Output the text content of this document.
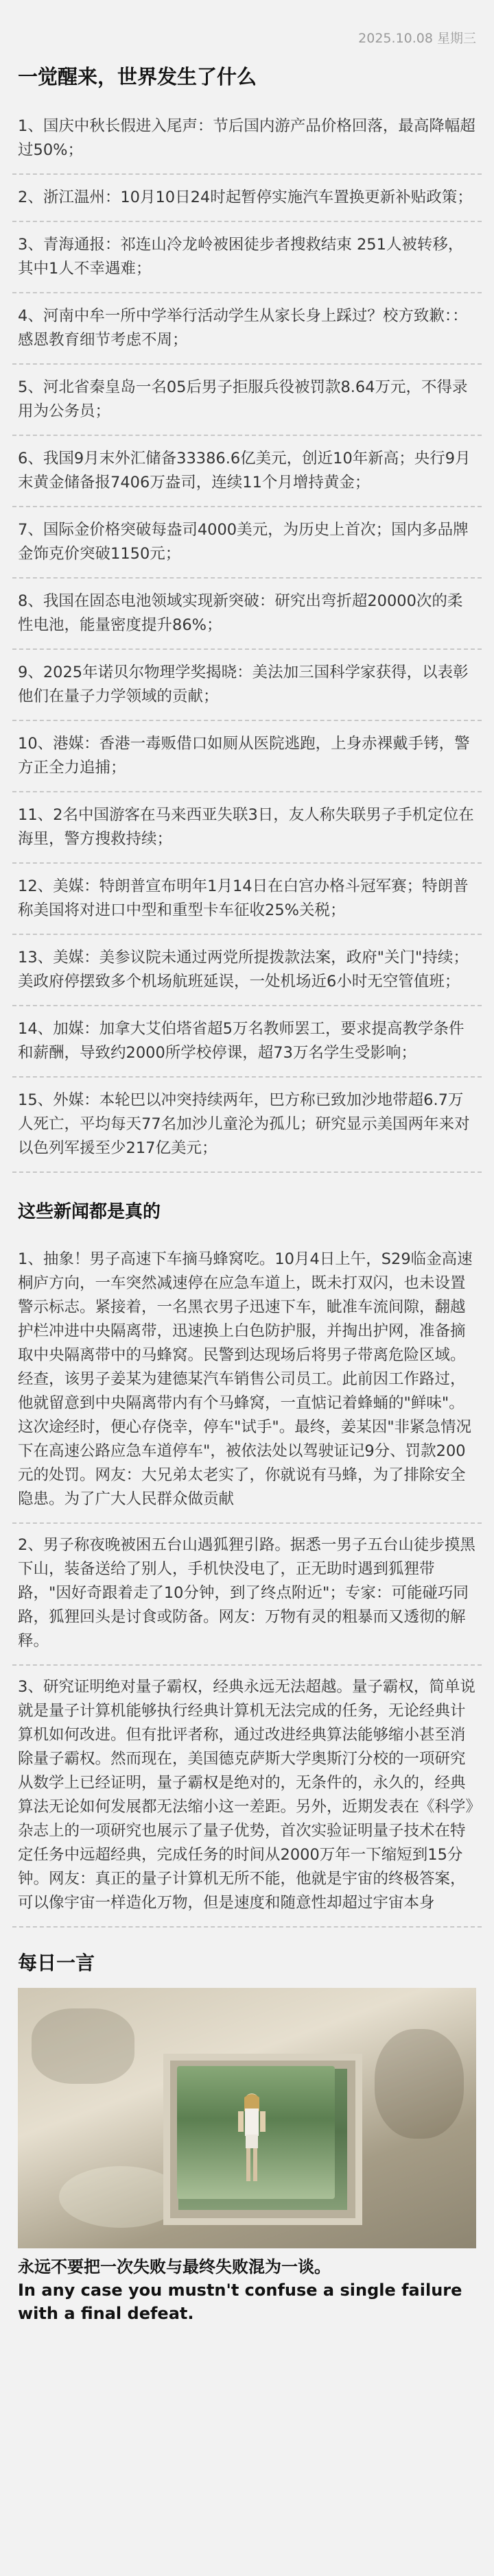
2025.10.08 星期三
一觉醒来，世界发生了什么
1、国庆中秋长假进入尾声：节后国内游产品价格回落，最高降幅超过50%；
2、浙江温州：10月10日24时起暂停实施汽车置换更新补贴政策；
3、青海通报：祁连山冷龙岭被困徒步者搜救结束 251人被转移，其中1人不幸遇难；
4、河南中牟一所中学举行活动学生从家长身上踩过？校方致歉：：感恩教育细节考虑不周；
5、河北省秦皇岛一名05后男子拒服兵役被罚款8.64万元，不得录用为公务员；
6、我国9月末外汇储备33386.6亿美元，创近10年新高；央行9月末黄金储备报7406万盎司，连续11个月增持黄金；
7、国际金价格突破每盎司4000美元，为历史上首次；国内多品牌金饰克价突破1150元；
8、我国在固态电池领域实现新突破：研究出弯折超20000次的柔性电池，能量密度提升86%；
9、2025年诺贝尔物理学奖揭晓：美法加三国科学家获得，以表彰他们在量子力学领域的贡献；
10、港媒：香港一毒贩借口如厕从医院逃跑，上身赤裸戴手铐，警方正全力追捕；
11、2名中国游客在马来西亚失联3日，友人称失联男子手机定位在海里，警方搜救持续；
12、美媒：特朗普宣布明年1月14日在白宫办格斗冠军赛；特朗普称美国将对进口中型和重型卡车征收25%关税；
13、美媒：美参议院未通过两党所提拨款法案，政府"关门"持续；美政府停摆致多个机场航班延误，一处机场近6小时无空管值班；
14、加媒：加拿大艾伯塔省超5万名教师罢工，要求提高教学条件和薪酬，导致约2000所学校停课，超73万名学生受影响；
15、外媒：本轮巴以冲突持续两年，巴方称已致加沙地带超6.7万人死亡，平均每天77名加沙儿童沦为孤儿；研究显示美国两年来对以色列军援至少217亿美元；
这些新闻都是真的
1、抽象！男子高速下车摘马蜂窝吃。10月4日上午，S29临金高速桐庐方向，一车突然减速停在应急车道上，既未打双闪，也未设置警示标志。紧接着，一名黑衣男子迅速下车，眦准车流间隙，翻越护栏冲进中央隔离带，迅速换上白色防护服，并掏出护网，准备摘取中央隔离带中的马蜂窝。民警到达现场后将男子带离危险区域。经查，该男子姜某为建德某汽车销售公司员工。此前因工作路过，他就留意到中央隔离带内有个马蜂窝，一直惦记着蜂蛹的"鲜味"。这次途经时，便心存侥幸，停车"试手"。最终，姜某因"非紧急情况下在高速公路应急车道停车"，被依法处以驾驶证记9分、罚款200元的处罚。网友：大兄弟太老实了，你就说有马蜂，为了排除安全隐患。为了广大人民群众做贡献
2、男子称夜晚被困五台山遇狐狸引路。据悉一男子五台山徒步摸黑下山，装备送给了别人，手机快没电了，正无助时遇到狐狸带路，"因好奇跟着走了10分钟，到了终点附近"；专家：可能碰巧同路，狐狸回头是讨食或防备。网友：万物有灵的粗暴而又透彻的解释。
3、研究证明绝对量子霸权，经典永远无法超越。量子霸权，简单说就是量子计算机能够执行经典计算机无法完成的任务，无论经典计算机如何改进。但有批评者称，通过改进经典算法能够缩小甚至消除量子霸权。然而现在，美国德克萨斯大学奥斯汀分校的一项研究从数学上已经证明，量子霸权是绝对的，无条件的，永久的，经典算法无论如何发展都无法缩小这一差距。另外，近期发表在《科学》杂志上的一项研究也展示了量子优势，首次实验证明量子技术在特定任务中远超经典，完成任务的时间从2000万年一下缩短到15分钟。网友：真正的量子计算机无所不能，他就是宇宙的终极答案，可以像宇宙一样造化万物，但是速度和随意性却超过宇宙本身
每日一言
永远不要把一次失败与最终失败混为一谈。
In any case you mustn't confuse a single failure with a final defeat.
